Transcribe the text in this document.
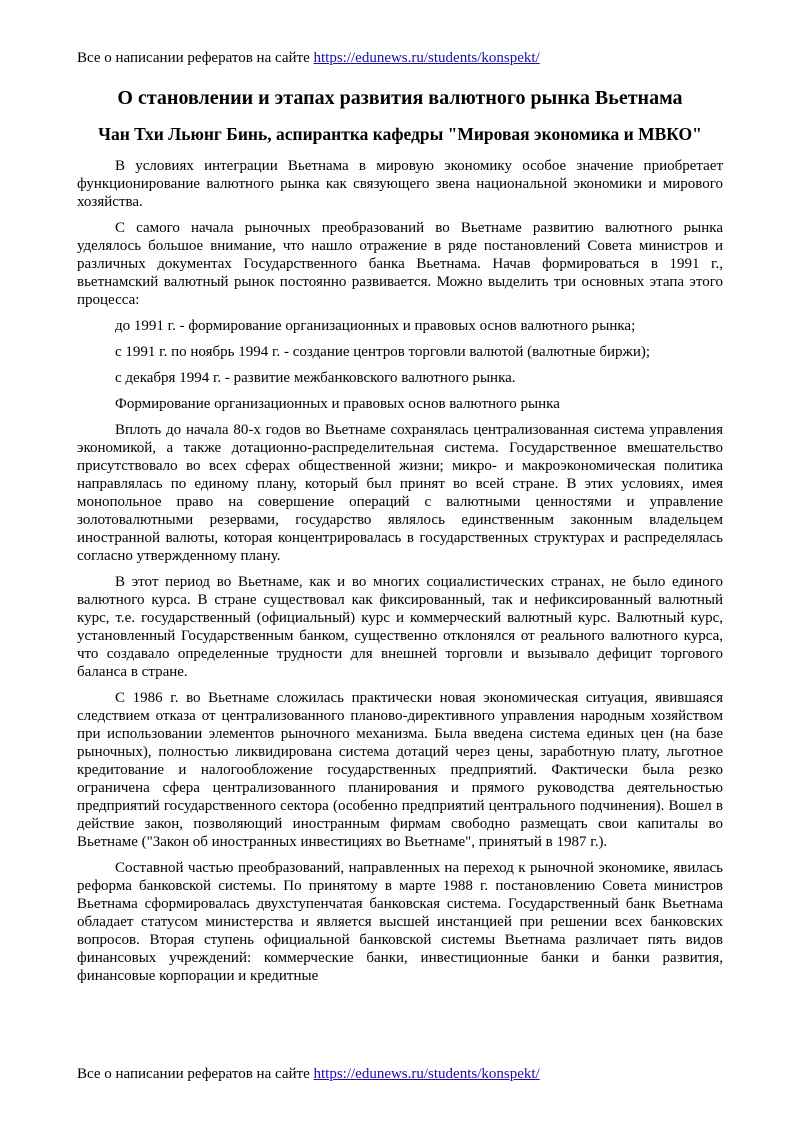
Все о написании рефератов на сайте https://edunews.ru/students/konspekt/
О становлении и этапах развития валютного рынка Вьетнама
Чан Тхи Льюнг Бинь, аспирантка кафедры "Мировая экономика и МВКО"

В условиях интеграции Вьетнама в мировую экономику особое значение приобретает функционирование валютного рынка как связующего звена национальной экономики и мирового хозяйства.

С самого начала рыночных преобразований во Вьетнаме развитию валютного рынка уделялось большое внимание, что нашло отражение в ряде постановлений Совета министров и различных документах Государственного банка Вьетнама. Начав формироваться в 1991 г., вьетнамский валютный рынок постоянно развивается. Можно выделить три основных этапа этого процесса:

до 1991 г. - формирование организационных и правовых основ валютного рынка;

с 1991 г. по ноябрь 1994 г. - создание центров торговли валютой (валютные биржи);

с декабря 1994 г. - развитие межбанковского валютного рынка.

Формирование организационных и правовых основ валютного рынка

Вплоть до начала 80-х годов во Вьетнаме сохранялась централизованная система управления экономикой, а также дотационно-распределительная система. Государственное вмешательство присутствовало во всех сферах общественной жизни; микро- и макроэкономическая политика направлялась по единому плану, который был принят во всей стране. В этих условиях, имея монопольное право на совершение операций с валютными ценностями и управление золотовалютными резервами, государство являлось единственным законным владельцем иностранной валюты, которая концентрировалась в государственных структурах и распределялась согласно утвержденному плану.

В этот период во Вьетнаме, как и во многих социалистических странах, не было единого валютного курса. В стране существовал как фиксированный, так и нефиксированный валютный курс, т.е. государственный (официальный) курс и коммерческий валютный курс. Валютный курс, установленный Государственным банком, существенно отклонялся от реального валютного курса, что создавало определенные трудности для внешней торговли и вызывало дефицит торгового баланса в стране.

С 1986 г. во Вьетнаме сложилась практически новая экономическая ситуация, явившаяся следствием отказа от централизованного планово-директивного управления народным хозяйством при использовании элементов рыночного механизма. Была введена система единых цен (на базе рыночных), полностью ликвидирована система дотаций через цены, заработную плату, льготное кредитование и налогообложение государственных предприятий. Фактически была резко ограничена сфера централизованного планирования и прямого руководства деятельностью предприятий государственного сектора (особенно предприятий центрального подчинения). Вошел в действие закон, позволяющий иностранным фирмам свободно размещать свои капиталы во Вьетнаме ("Закон об иностранных инвестициях во Вьетнаме", принятый в 1987 г.).

Составной частью преобразований, направленных на переход к рыночной экономике, явилась реформа банковской системы. По принятому в марте 1988 г. постановлению Совета министров Вьетнама сформировалась двухступенчатая банковская система. Государственный банк Вьетнама обладает статусом министерства и является высшей инстанцией при решении всех банковских вопросов. Вторая ступень официальной банковской системы Вьетнама различает пять видов финансовых учреждений: коммерческие банки, инвестиционные банки и банки развития, финансовые корпорации и кредитные

Все о написании рефератов на сайте https://edunews.ru/students/konspekt/
